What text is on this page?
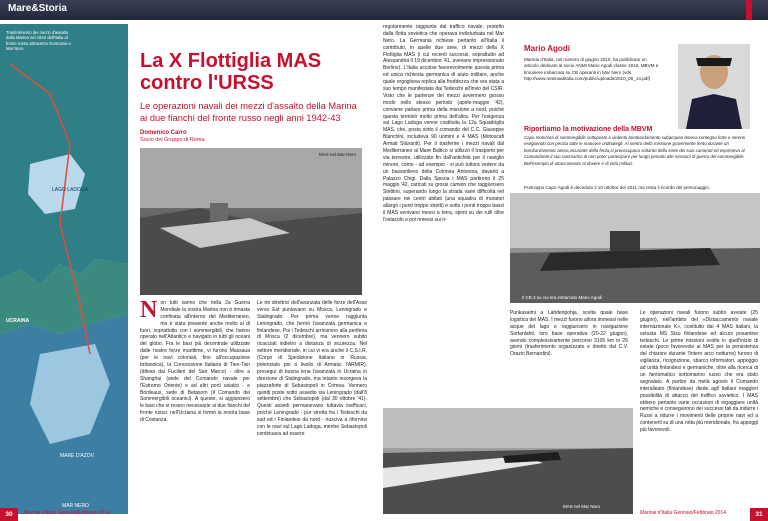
Mare&Storia
Trasferimento dei mezzi d'assalto dalla Marina nel 1942 dall'Italia al fronte russo attraverso Germania e Mar Nero
LAGO LADOGA
UCRAINA
MARE D'AZOV
MAR NERO
La X Flottiglia MAS contro l'URSS
Le operazioni navali dei mezzi d'assalto della Marina ai due fianchi del fronte russo negli anni 1942-43
Domenico Carro
Socio del Gruppo di Roma
MAS nel Mar Nero
N on tutti sanno che nella 2a Guerra Mondiale la nostra Marina non è rimasta confinata all'interno del Mediterraneo, ma è stata presente anche molto al di fuori, soprattutto con i sommergibili, che hanno operato nell'Atlantico e navigato in tutti gli oceani del globo. Fra le basi più decentrate utilizzate dalle nostre forze marittime, vi furono Massaua (per le navi coloniali, fino all'occupazione britannica), la Concessione Italiana di Tien-Tsin (difesa dai Fucilieri del San Marco) - oltre a Shanghai (sede del Comando navale per l'Estremo Oriente) e ad altri porti asiatici - e Bordeaux, sede di Betasom (il Comando dei Sommergibili oceanici). A queste, si aggiunsero le basi che si resero necessarie ai due fianchi del fronte russo: nell'Ucraina si formò la nostra base di Costanza.
Le tre direttrici dell'avanzata delle forze dell'Asse verso Est puntavano su Mosca, Leningrado e Stalingrado. Per prima venne raggiunta Leningrado, che fermò l'avanzata germanica e finlandese. Poi i Tedeschi arrivarono alla periferia di Mosca (2 dicembre), ma vennero subito ricacciati indietro a distanza di sicurezza. Nel settore meridionale, in cui vi era anche il C.S.I.R. (Corpo di Spedizione Italiano in Russia, potenziato poi a livello di Armata: l'ARMIR), proseguì di buona lena l'avanzata in Ucraina in direzione di Stalingrado, ma intanto insorgeva la piazzaforte di Sebastopoli in Crimea. Vennero quindi poste sotto assedio sia Leningrado (dall'8 settembre) che Sebastopoli (dal 30 ottobre '41). Questi assedi permanevano tuttavia inefficaci, poiché Leningrado - pur stretta fra i Tedeschi da sud ed i Finlandesi da nord - riusciva a rifornirsi con le navi sul Lago Ladoga, mentre Sebastopoli continuava ad essere
regolarmente raggiunta dal traffico navale, protetto dalla flotta sovietica che operava indisturbata nel Mar Nero. La Germania richiese pertanto all'Italia il contributo, in quelle due aree, di mezzi della X Flottiglia MAS (i cui recenti successi, soprattutto ad Alessandria il 19 dicembre '41, avevano impressionato Berlino). L'Italia accolse favorevolmente questa prima ed unica richiesta germanica di aiuto militare, anche quale orgogliosa replica alla freddezza che era stata a suo tempo manifestata dai Tedeschi all'invio del CSIR. Visto che le partenze dei mezzi avvennero grosso modo nello stesso periodo (aprile-maggio '42), conviene parlare prima della missione a nord, poiché questa terminò molto prima dell'altra. Per l'esigenza sul Lago Ladoga venne costituita la 12a Squadriglia MAS, che, posta sotto il comando del C.C. Giuseppe Bianchini, includeva 90 uomini e 4 MAS (Motoscafi Armati Siluranti). Per il trasferire i mezzi navali dal Mediterraneo al Mare Baltico si utilizzò il trasporto per via terrestre, utilizzato fin dall'antichità per il naviglio minore, come - ad esempio - si può tuttora vedere da un bassorilievo della Colonna Antonina, davanti a Palazzo Chigi. Dalla Spezia i MAS partirono il 25 maggio '42, caricati su grossi camion che raggiunsero Stettino, superando lungo la strada varie difficoltà nel passare nei centri abitati (una squadra di muratori allargò i punti troppo stretti) e sotto i ponti troppo bassi il MAS venivano messi a terra, spinti su dei rulli oltre l'ostacolo e poi rimessi sui ri-
Mario Agodi
Marinai d'Italia, nel numero di giugno 2010, ha pubblicato un articolo dedicato al socio ANMI Mario Agodi classe 1916, MBVM e timoniere imbarcato su CB operanti in Mar Nero (vds http://www.marinaiditalia.com/public/uploads/2010_06_14.pdf)
Riportiamo la motivazione della MBVM
Capo motorista di sommergibile sottoposto a violento bombardamento subacqueo teneva contegno forte e sereno eseguendo con perizia tutte le manovre ordinategli. Al rientro della missione gravemente ferito durante un bombardamento aereo,incurante della ferita,si preoccupava soltanto della sorte dei suoi camerati ed esprimeva al Comandante il suo rammarico di non poter partecipare per lungo periodo alle missioni di guerra del sommergibile. Bell'esempio di attaccamento al dovere e di virtù militari.
Purtroppo Capo Agodi è deceduto il 10 ottobre del 2011 ma resta il ricordo del personaggio.
Il CB 3 su cui era imbarcato Mario Agodi
Punkasalmi a Lahdenpohja, scelta quale base logistica dei MAS. I mezzi furono allora immessi nelle acque del lago e raggiunsero in navigazione Sortanlahti, loro base operativa (20-22 giugno), avendo complessivamente percorso 3105 km in 26 giorni (trasferimento organizzato e diretto dal C.V. Orazio Bernardini).
Le operazioni navali furono subito avviate (25 giugno), nell'ambito del «Distaccamento navale internazionale K», costituito dai 4 MAS italiani, la vetusta MS Sisu finlandese ed alcuni posamine tedeschi. Le prime missioni svolte in quell'inizio di estate (poco favorevole ai MAS per la persistenza del chiarore durante l'intero arco notturno) furono di vigilanza, ricognizione, sbarco informatori, appoggio ad unità finlandesi e germaniche, oltre alla ricerca di un fantomatico sottomarino russo che era stato segnalato. A partire da metà agosto il Comando interalleato (finlandese) diede agli Italiani maggiori possibilità di attacco del traffico sovietico. I MAS ebbero pertanto varie occasioni di ingaggiare unità nemiche e conseguirono dei successi tali da indurre i Russi a ridurre i movimenti delle proprie navi ed a contenerli su di una rotta più meridionale, fra appoggi più favorevoli.
MAS nel Mar Nero
30	Marinai d'Italia Gennaio/Febbraio 2014	Marinai d'Italia Gennaio/Febbraio 2014	31
